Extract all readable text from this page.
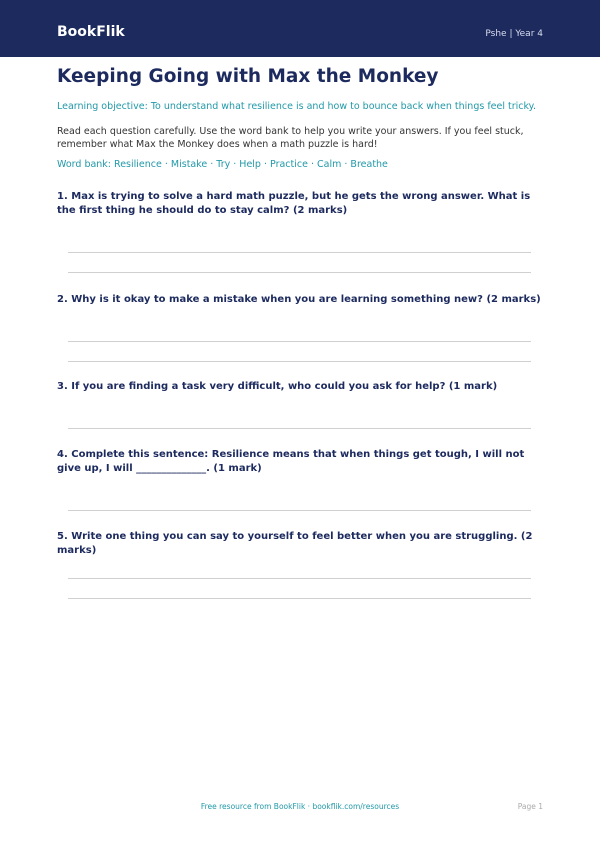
BookFlik	Pshe | Year 4
Keeping Going with Max the Monkey
Learning objective: To understand what resilience is and how to bounce back when things feel tricky.
Read each question carefully. Use the word bank to help you write your answers. If you feel stuck, remember what Max the Monkey does when a math puzzle is hard!
Word bank: Resilience · Mistake · Try · Help · Practice · Calm · Breathe
1. Max is trying to solve a hard math puzzle, but he gets the wrong answer. What is the first thing he should do to stay calm? (2 marks)
2. Why is it okay to make a mistake when you are learning something new? (2 marks)
3. If you are finding a task very difficult, who could you ask for help? (1 mark)
4. Complete this sentence: Resilience means that when things get tough, I will not give up, I will ______________. (1 mark)
5. Write one thing you can say to yourself to feel better when you are struggling. (2 marks)
Free resource from BookFlik · bookflik.com/resources	Page 1
